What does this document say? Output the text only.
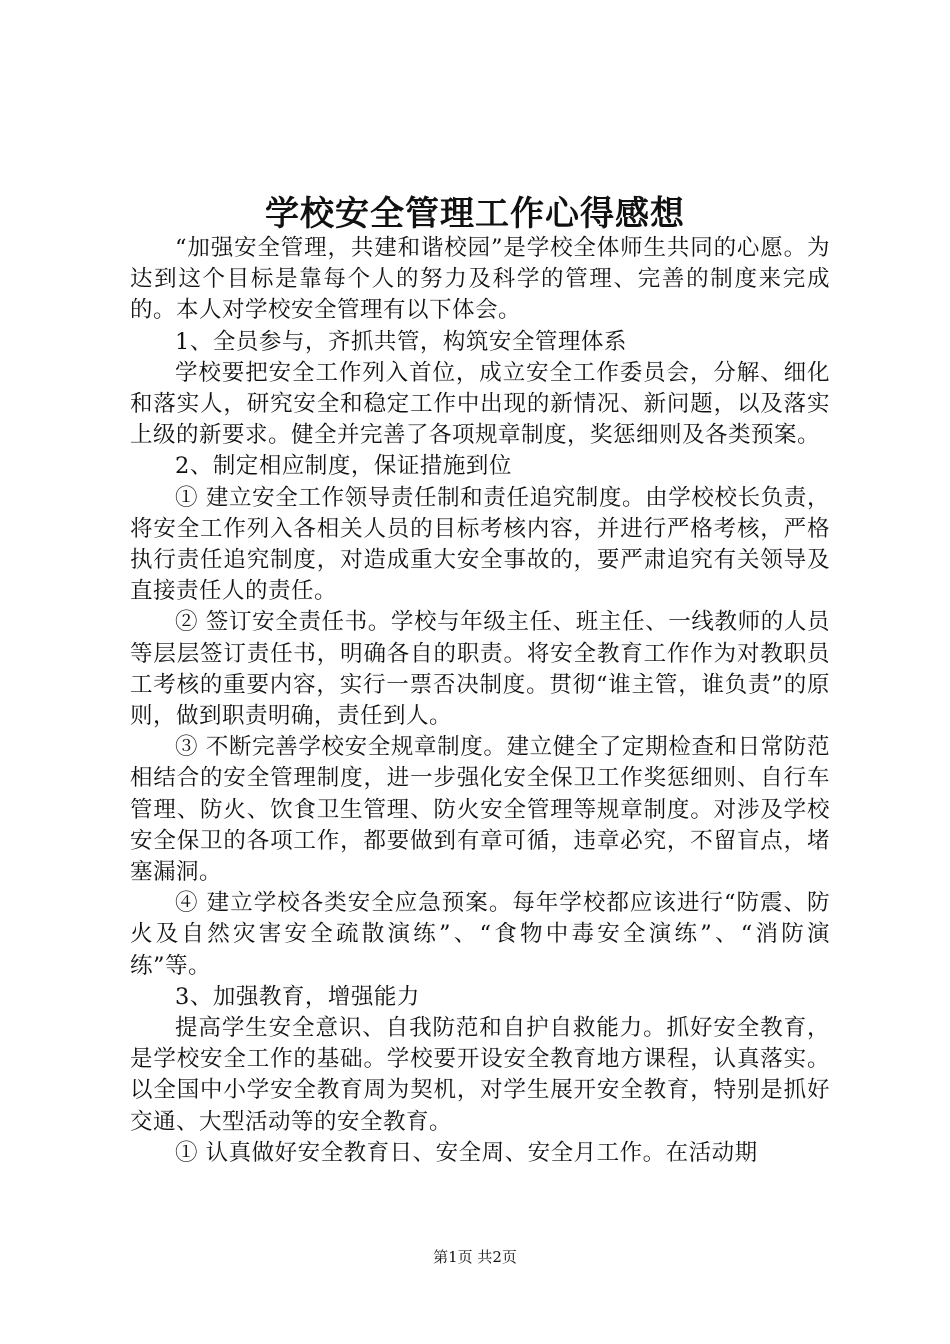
学校安全管理工作心得感想

“加强安全管理，共建和谐校园”是学校全体师生共同的心愿。为达到这个目标是靠每个人的努力及科学的管理、完善的制度来完成的。本人对学校安全管理有以下体会。

1、全员参与，齐抓共管，构筑安全管理体系

学校要把安全工作列入首位，成立安全工作委员会，分解、细化和落实人，研究安全和稳定工作中出现的新情况、新问题，以及落实上级的新要求。健全并完善了各项规章制度，奖惩细则及各类预案。

2、制定相应制度，保证措施到位

① 建立安全工作领导责任制和责任追究制度。由学校校长负责，将安全工作列入各相关人员的目标考核内容，并进行严格考核，严格执行责任追究制度，对造成重大安全事故的，要严肃追究有关领导及直接责任人的责任。

② 签订安全责任书。学校与年级主任、班主任、一线教师的人员等层层签订责任书，明确各自的职责。将安全教育工作作为对教职员工考核的重要内容，实行一票否决制度。贯彻“谁主管，谁负责”的原则，做到职责明确，责任到人。

③ 不断完善学校安全规章制度。建立健全了定期检查和日常防范相结合的安全管理制度，进一步强化安全保卫工作奖惩细则、自行车管理、防火、饮食卫生管理、防火安全管理等规章制度。对涉及学校安全保卫的各项工作，都要做到有章可循，违章必究，不留盲点，堵塞漏洞。

④ 建立学校各类安全应急预案。每年学校都应该进行“防震、防火及自然灾害安全疏散演练”、“食物中毒安全演练”、“消防演练”等。

3、加强教育，增强能力

提高学生安全意识、自我防范和自护自救能力。抓好安全教育，是学校安全工作的基础。学校要开设安全教育地方课程，认真落实。以全国中小学安全教育周为契机，对学生展开安全教育，特别是抓好交通、大型活动等的安全教育。

① 认真做好安全教育日、安全周、安全月工作。在活动期

第1页 共2页
